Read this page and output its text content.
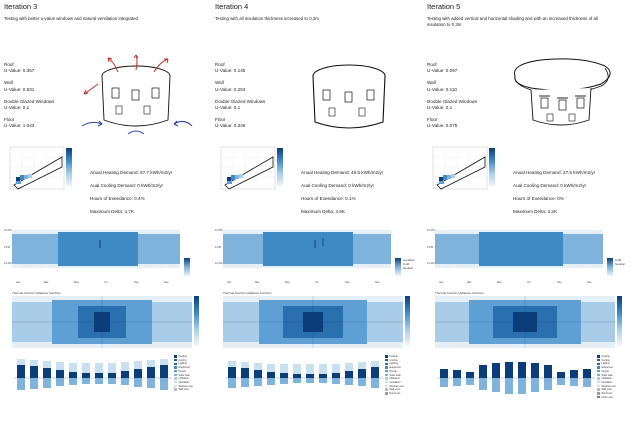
Iteration 3
Testing with better u-value windows and natural ventilation integrated
Roof
U-Value: 0.357
Wall
U-Value: 0.631
Double Glazed Windows
U-Value: 0.1
Floor
U-Value: 1.043
Anual Heating Demand: 67.7 kWh/m2/yr
Aual Cooling Demand: 0 kWh/m2/yr
Hours of Exeedance: 0.4%
Maximum Delta: 4.7K
12 PM
6 PM
12 AM
Jan	Mar	May	Jul	Sep	Nov
Thermal Comfort (Adaptive Comfort)
Heating
Cooling
Lighting
Equipment
People
Solar Gain
Infiltration
Ventilation
Window Loss
Wall Loss
Iteration 4
Testing with all insulation thickness increased to 0.2m
Roof
U-Value: 0.145
Wall
U-Value: 0.253
Double Glazed Windows
U-Value: 0.1
Floor
U-Value: 0.346
Anual Heating Demand: 49.5 kWh/m2/yr
Aual Cooling Demand: 0 kWh/m2/yr
Hours of Exeedance: 0.1%
Maximum Delta: 4.9K
12 PM
6 PM
12 AM
Jan	Mar	May	Jul	Sep	Nov
condition
Cold
Neutral
Thermal Comfort (Adaptive Comfort)
Heating
Cooling
Lighting
Equipment
People
Solar Gain
Infiltration
Ventilation
Window Loss
Wall Loss
Roof Loss
Iteration 5
Testing with added vertical and horizontal shading and with an increased thickness of all insulation to 0.3m
Roof
U-Value: 0.097
Wall
U-Value: 0.110
Double Glazed Windows
U-Value: 0.1
Floor
U-Value: 0.075
Anual Heating Demand: 27.5 kWh/m2/yr
Aual Cooling Demand: 0 kWh/m2/yr
Hours of Exeedance: 0%
Maximum Delta: 3.2K
12 PM
6 PM
12 AM
Jan	Mar	May	Jul	Sep	Nov
Cold
Neutral
Thermal Comfort (Adaptive Comfort)
Heating
Cooling
Lighting
Equipment
People
Solar Gain
Infiltration
Ventilation
Window Loss
Wall Loss
Roof Loss
Floor Loss
